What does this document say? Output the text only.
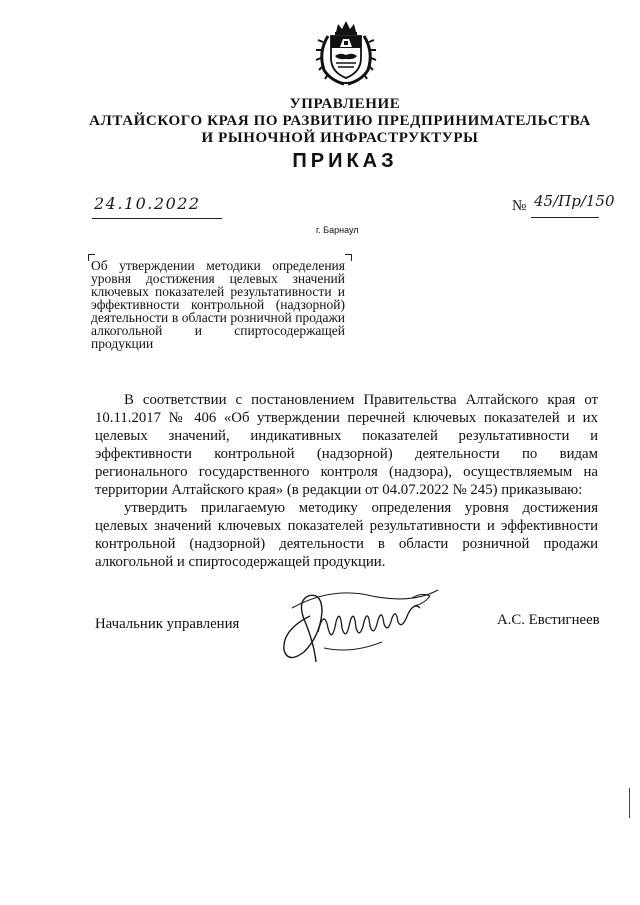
УПРАВЛЕНИЕ
АЛТАЙСКОГО КРАЯ ПО РАЗВИТИЮ ПРЕДПРИНИМАТЕЛЬСТВА
И РЫНОЧНОЙ ИНФРАСТРУКТУРЫ
ПРИКАЗ
24.10.2022	№ 45/Пр/150
г. Барнаул
Об утверждении методики определения уровня достижения целевых значений ключевых показателей результативности и эффективности контрольной (надзорной) деятельности в области розничной продажи алкогольной и спиртосодержащей продукции

В соответствии с постановлением Правительства Алтайского края от 10.11.2017 № 406 «Об утверждении перечней ключевых показателей и их целевых значений, индикативных показателей результативности и эффективности контрольной (надзорной) деятельности по видам регионального государственного контроля (надзора), осуществляемым на территории Алтайского края» (в редакции от 04.07.2022 № 245) приказываю:

утвердить прилагаемую методику определения уровня достижения целевых значений ключевых показателей результативности и эффективности контрольной (надзорной) деятельности в области розничной продажи алкогольной и спиртосодержащей продукции.

Начальник управления	А.С. Евстигнеев
